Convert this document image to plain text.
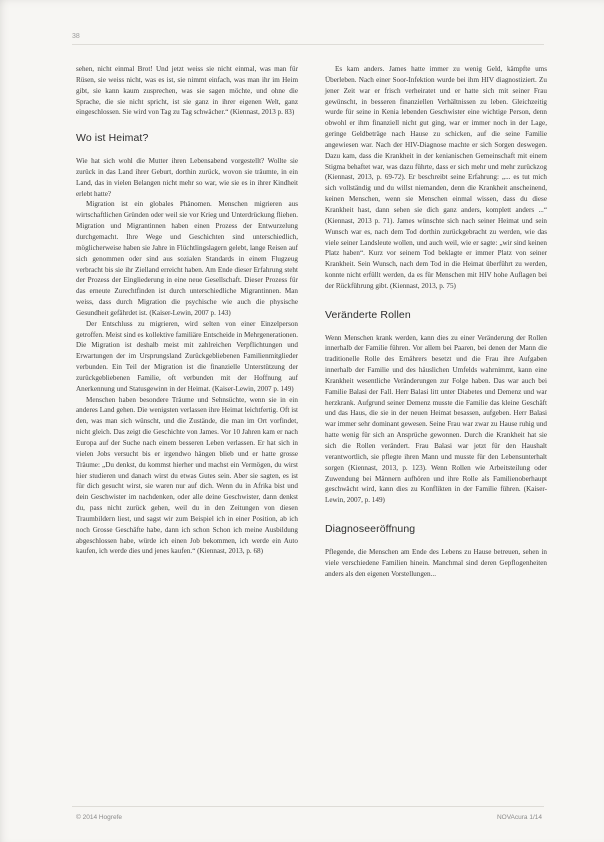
38

sehen, nicht einmal Brot! Und jetzt weiss sie nicht einmal, was man für Rüsen, sie weiss nicht, was es ist, sie nimmt einfach, was man ihr im Heim gibt, sie kann kaum zusprechen, was sie sagen möchte, und ohne die Sprache, die sie nicht spricht, ist sie ganz in ihrer eigenen Welt, ganz eingeschlossen. Sie wird von Tag zu Tag schwächer.“ (Kiennast, 2013 p. 83)

Wo ist Heimat?

Wie hat sich wohl die Mutter ihren Lebensabend vorgestellt? Wollte sie zurück in das Land ihrer Geburt, dorthin zurück, wovon sie träumte, in ein Land, das in vielen Belangen nicht mehr so war, wie sie es in ihrer Kindheit erlebt hatte?

Migration ist ein globales Phänomen. Menschen migrieren aus wirtschaftlichen Gründen oder weil sie vor Krieg und Unterdrückung fliehen. Migration und Migrantinnen haben einen Prozess der Entwurzelung durchgemacht. Ihre Wege und Geschichten sind unterschiedlich, möglicherweise haben sie Jahre in Flüchtlingslagern gelebt, lange Reisen auf sich genommen oder sind aus sozialen Standards in einem Flugzeug verbracht bis sie ihr Zielland erreicht haben. Am Ende dieser Erfahrung steht der Prozess der Eingliederung in eine neue Gesellschaft. Dieser Prozess für das erneute Zurechtfinden ist durch unterschiedliche Migrantinnen. Man weiss, dass durch Migration die psychische wie auch die physische Gesundheit gefährdet ist. (Kaiser-Lewin, 2007 p. 143)

Der Entschluss zu migrieren, wird selten von einer Einzelperson getroffen. Meist sind es kollektive familiäre Entscheide in Mehrgenerationen. Die Migration ist deshalb meist mit zahlreichen Verpflichtungen und Erwartungen der im Ursprungsland Zurückgebliebenen Familienmitglieder verbunden. Ein Teil der Migration ist die finanzielle Unterstützung der zurückgebliebenen Familie, oft verbunden mit der Hoffnung auf Anerkennung und Statusgewinn in der Heimat. (Kaiser-Lewin, 2007 p. 149)

Menschen haben besondere Träume und Sehnsüchte, wenn sie in ein anderes Land gehen. Die wenigsten verlassen ihre Heimat leichtfertig. Oft ist den, was man sich wünscht, und die Zustände, die man im Ort vorfindet, nicht gleich. Das zeigt die Geschichte von James. Vor 10 Jahren kam er nach Europa auf der Suche nach einem besseren Leben verlassen. Er hat sich in vielen Jobs versucht bis er irgendwo hängen blieb und er hatte grosse Träume: „Du denkst, du kommst hierher und machst ein Vermögen, du wirst hier studieren und danach wirst du etwas Gutes sein. Aber sie sagten, es ist für dich gesucht wirst, sie waren nur auf dich. Wenn du in Afrika bist und dein Geschwister im nachdenken, oder alle deine Geschwister, dann denkst du, pass nicht zurück gehen, weil du in den Zeitungen von diesen Traumbildern liest, und sagst wir zum Beispiel ich in einer Position, ab ich noch Grosse Geschäfte habe, dann ich schon Schon ich meine Ausbildung abgeschlossen habe, würde ich einen Job bekommen, ich werde ein Auto kaufen, ich werde dies und jenes kaufen.“ (Kiennast, 2013, p. 68)

Es kam anders. James hatte immer zu wenig Geld, kämpfte ums Überleben. Nach einer Soor-Infektion wurde bei ihm HIV diagnostiziert. Zu jener Zeit war er frisch verheiratet und er hatte sich mit seiner Frau gewünscht, in besseren finanziellen Verhältnissen zu leben. Gleichzeitig wurde für seine in Kenia lebenden Geschwister eine wichtige Person, denn obwohl er ihm finanziell nicht gut ging, war er immer noch in der Lage, geringe Geldbeträge nach Hause zu schicken, auf die seine Familie angewiesen war. Nach der HIV-Diagnose machte er sich Sorgen deswegen. Dazu kam, dass die Krankheit in der kenianischen Gemeinschaft mit einem Stigma behaftet war, was dazu führte, dass er sich mehr und mehr zurückzog (Kiennast, 2013, p. 69-72). Er beschreibt seine Erfahrung: „... es tut mich sich vollständig und du willst niemanden, denn die Krankheit anscheinend, keinen Menschen, wenn sie Menschen einmal wissen, dass du diese Krankheit hast, dann sehen sie dich ganz anders, komplett anders ...“ (Kiennast, 2013 p. 71). James wünschte sich nach seiner Heimat und sein Wunsch war es, nach dem Tod dorthin zurückgebracht zu werden, wie das viele seiner Landsleute wollen, und auch weil, wie er sagte: „wir sind keinen Platz haben“. Kurz vor seinem Tod beklagte er immer Platz von seiner Krankheit. Sein Wunsch, nach dem Tod in die Heimat überführt zu werden, konnte nicht erfüllt werden, da es für Menschen mit HIV hohe Auflagen bei der Rückführung gibt. (Kiennast, 2013, p. 75)

Veränderte Rollen

Wenn Menschen krank werden, kann dies zu einer Veränderung der Rollen innerhalb der Familie führen. Vor allem bei Paaren, bei denen der Mann die traditionelle Rolle des Ernährers besetzt und die Frau ihre Aufgaben innerhalb der Familie und des häuslichen Umfelds wahrnimmt, kann eine Krankheit wesentliche Veränderungen zur Folge haben. Das war auch bei Familie Balasi der Fall. Herr Balasi litt unter Diabetes und Demenz und war herzkrank. Aufgrund seiner Demenz musste die Familie das kleine Geschäft und das Haus, die sie in der neuen Heimat besassen, aufgeben. Herr Balasi war immer sehr dominant gewesen. Seine Frau war zwar zu Hause ruhig und hatte wenig für sich an Ansprüche gewonnen. Durch die Krankheit hat sie sich die Rollen verändert. Frau Balasi war jetzt für den Haushalt verantwortlich, sie pflegte ihren Mann und musste für den Lebensunterhalt sorgen (Kiennast, 2013, p. 123). Wenn Rollen wie Arbeitsteilung oder Zuwendung bei Männern aufhören und ihre Rolle als Familienoberhaupt geschwächt wird, kann dies zu Konflikten in der Familie führen. (Kaiser-Lewin, 2007, p. 149)

Diagnoseeröffnung

Pflegende, die Menschen am Ende des Lebens zu Hause betreuen, sehen in viele verschiedene Familien hinein. Manchmal sind deren Gepflogenheiten anders als den eigenen Vorstellungen...

© 2014 Hogrefe	NOVAcura 1/14
